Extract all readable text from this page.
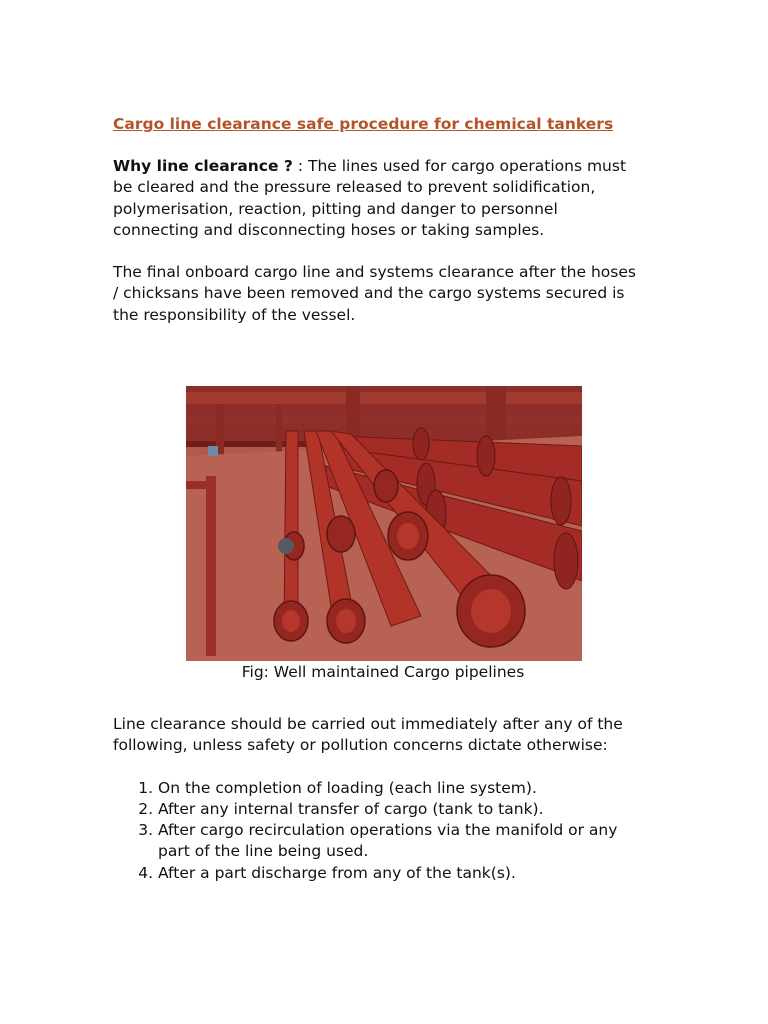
Cargo line clearance safe procedure for chemical tankers

Why line clearance ? : The lines used for cargo operations must be cleared and the pressure released to prevent solidification, polymerisation, reaction, pitting and danger to personnel connecting and disconnecting hoses or taking samples.

The final onboard cargo line and systems clearance after the hoses / chicksans have been removed and the cargo systems secured is the responsibility of the vessel.

Fig: Well maintained Cargo pipelines

Line clearance should be carried out immediately after any of the following, unless safety or pollution concerns dictate otherwise:

1. On the completion of loading (each line system).
2. After any internal transfer of cargo (tank to tank).
3. After cargo recirculation operations via the manifold or any part of the line being used.
4. After a part discharge from any of the tank(s).
